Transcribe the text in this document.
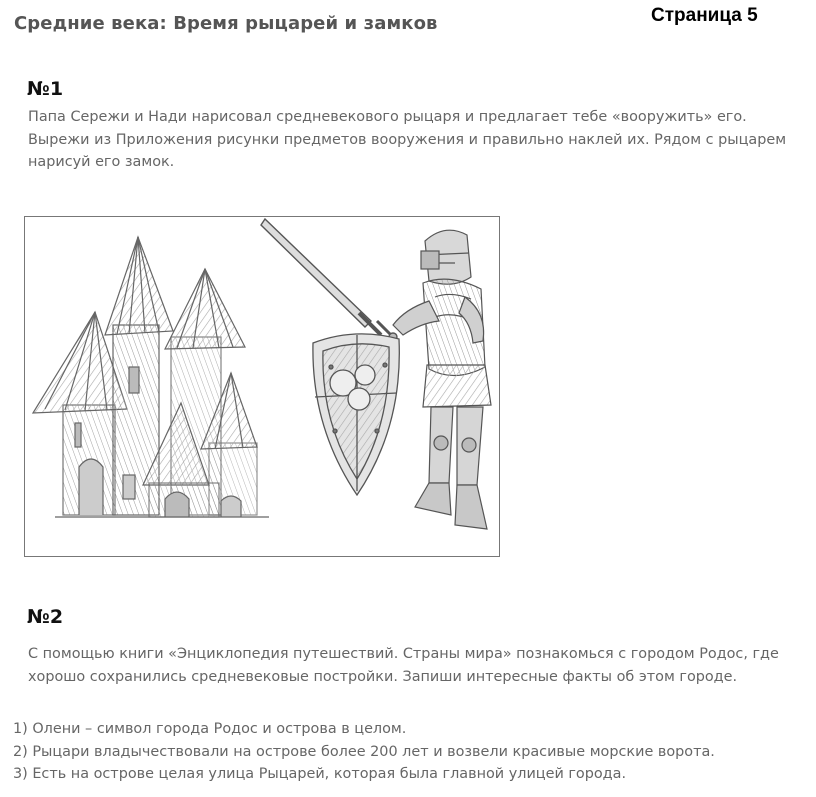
Средние века: Время рыцарей и замков	Страница 5
№1
Папа Сережи и Нади нарисовал средневекового рыцаря и предлагает тебе «вооружить» его. Вырежи из Приложения рисунки предметов вооружения и правильно наклей их. Рядом с рыцарем нарисуй его замок.
№2
С помощью книги «Энциклопедия путешествий. Страны мира» познакомься с городом Родос, где хорошо сохранились средневековые постройки. Запиши интересные факты об этом городе.
1) Олени – символ города Родос и острова в целом.
2) Рыцари владычествовали на острове более 200 лет и возвели красивые морские ворота.
3) Есть на острове целая улица Рыцарей, которая была главной улицей города.
